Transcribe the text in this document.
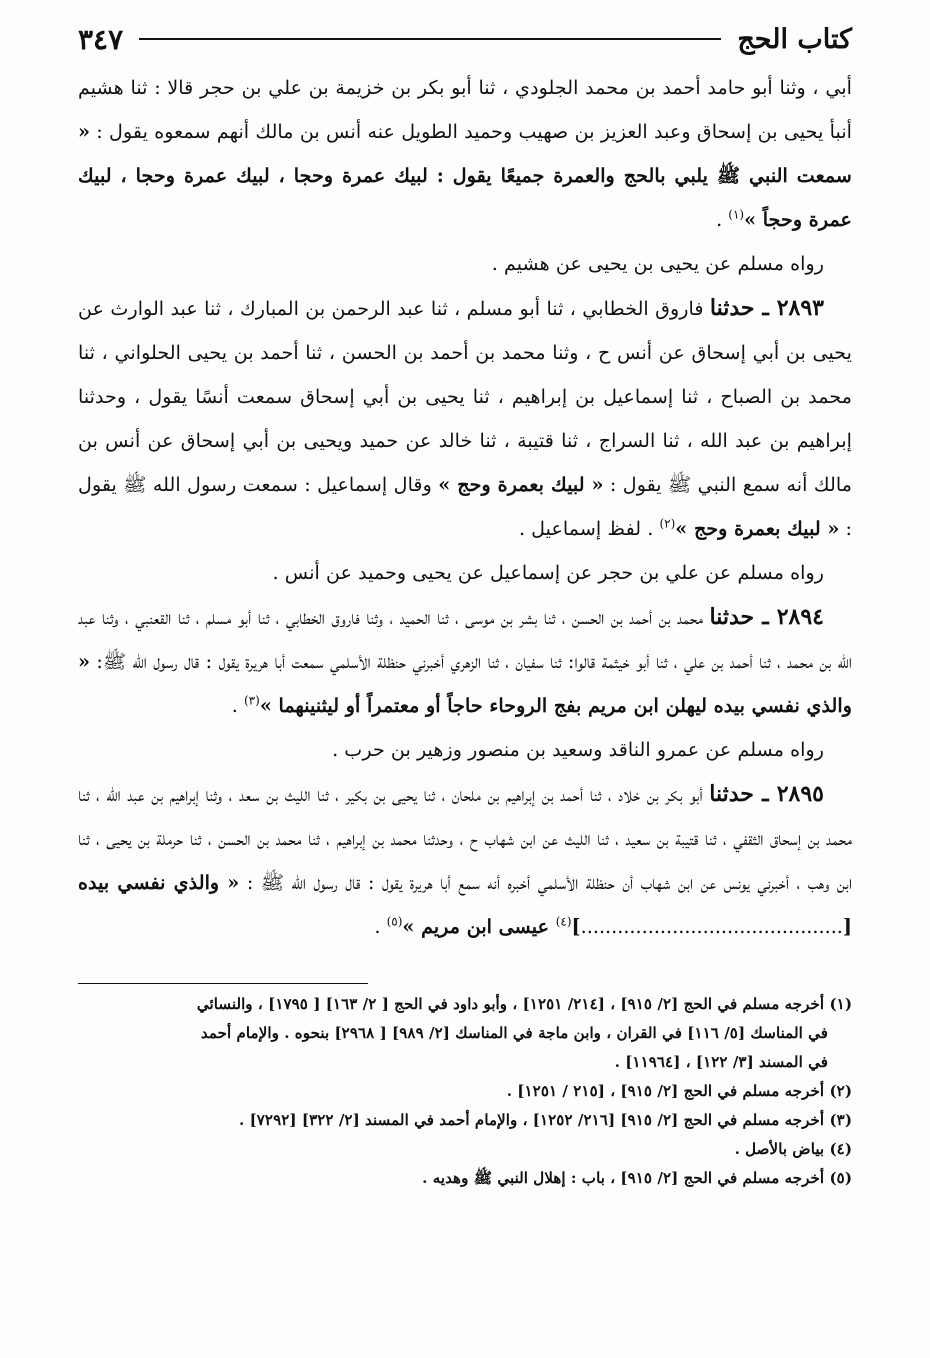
كتاب الحج
٣٤٧

أبي ، وثنا أبو حامد أحمد بن محمد الجلودي ، ثنا أبو بكر بن خزيمة بن علي بن حجر قالا : ثنا هشيم أنبأ يحيى بن إسحاق وعبد العزيز بن صهيب وحميد الطويل عنه أنس بن مالك أنهم سمعوه يقول : « سمعت النبي ﷺ يلبي بالحج والعمرة جميعًا يقول : لبيك عمرة وحجا ، لبيك عمرة وحجا ، لبيك عمرة وحجاً »$^{(١)}$ .

رواه مسلم عن يحيى بن يحيى عن هشيم .

٢٨٩٣ ـ حدثنا فاروق الخطابي ، ثنا أبو مسلم ، ثنا عبد الرحمن بن المبارك ، ثنا عبد الوارث عن يحيى بن أبي إسحاق عن أنس ح ، وثنا محمد بن أحمد بن الحسن ، ثنا أحمد بن يحيى الحلواني ، ثنا محمد بن الصباح ، ثنا إسماعيل بن إبراهيم ، ثنا يحيى بن أبي إسحاق سمعت أنسًا يقول ، وحدثنا إبراهيم بن عبد الله ، ثنا السراج ، ثنا قتيبة ، ثنا خالد عن حميد ويحيى بن أبي إسحاق عن أنس بن مالك أنه سمع النبي ﷺ يقول : « لبيك بعمرة وحج » وقال إسماعيل : سمعت رسول الله ﷺ يقول : « لبيك بعمرة وحج »$^{(٢)}$ . لفظ إسماعيل .

رواه مسلم عن علي بن حجر عن إسماعيل عن يحيى وحميد عن أنس .

٢٨٩٤ ـ حدثنا محمد بن أحمد بن الحسن ، ثنا بشر بن موسى ، ثنا الحميد ، وثنا فاروق الخطابي ، ثنا أبو مسلم ، ثنا القعنبي ، وثنا عبد الله بن محمد ، ثنا أحمد بن علي ، ثنا أبو خيثمة قالوا: ثنا سفيان ، ثنا الزهري أخبرني حنظلة الأسلمي سمعت أبا هريرة يقول : قال رسول الله ﷺ: « والذي نفسي بيده ليهلن ابن مريم بفج الروحاء حاجاً أو معتمراً أو ليثنينهما »$^{(٣)}$ .

رواه مسلم عن عمرو الناقد وسعيد بن منصور وزهير بن حرب .

٢٨٩٥ ـ حدثنا أبو بكر بن خلاد ، ثنا أحمد بن إبراهيم بن ملحان ، ثنا يحيى بن بكير ، ثنا الليث بن سعد ، وثنا إبراهيم بن عبد الله ، ثنا محمد بن إسحاق الثقفي ، ثنا قتيبة بن سعيد ، ثنا الليث عن ابن شهاب ح ، وحدثنا محمد بن إبراهيم ، ثنا محمد بن الحسن ، ثنا حرملة بن يحيى ، ثنا ابن وهب ، أخبرني يونس عن ابن شهاب أن حنظلة الأسلمي أخبره أنه سمع أبا هريرة يقول : قال رسول الله ﷺ : « والذي نفسي بيده [...........................................]$^{(٤)}$ عيسى ابن مريم »$^{(٥)}$ .

(١) أخرجه مسلم في الحج [٢/ ٩١٥] ، [٢١٤/ ١٢٥١] ، وأبو داود في الحج [ ٢/ ١٦٣] [ ١٧٩٥] ، والنسائي

في المناسك [٥/ ١١٦] في القران ، وابن ماجة في المناسك [٢/ ٩٨٩] [ ٢٩٦٨] بنحوه . والإمام أحمد

في المسند [٣/ ١٢٢] ، [١١٩٦٤] .

(٢) أخرجه مسلم في الحج [٢/ ٩١٥] ، [٢١٥ / ١٢٥١] .

(٣) أخرجه مسلم في الحج [٢/ ٩١٥] [٢١٦/ ١٢٥٢] ، والإمام أحمد في المسند [٢/ ٣٢٢] [٧٢٩٢] .

(٤) بياض بالأصل .

(٥) أخرجه مسلم في الحج [٢/ ٩١٥] ، باب : إهلال النبي ﷺ وهديه .
